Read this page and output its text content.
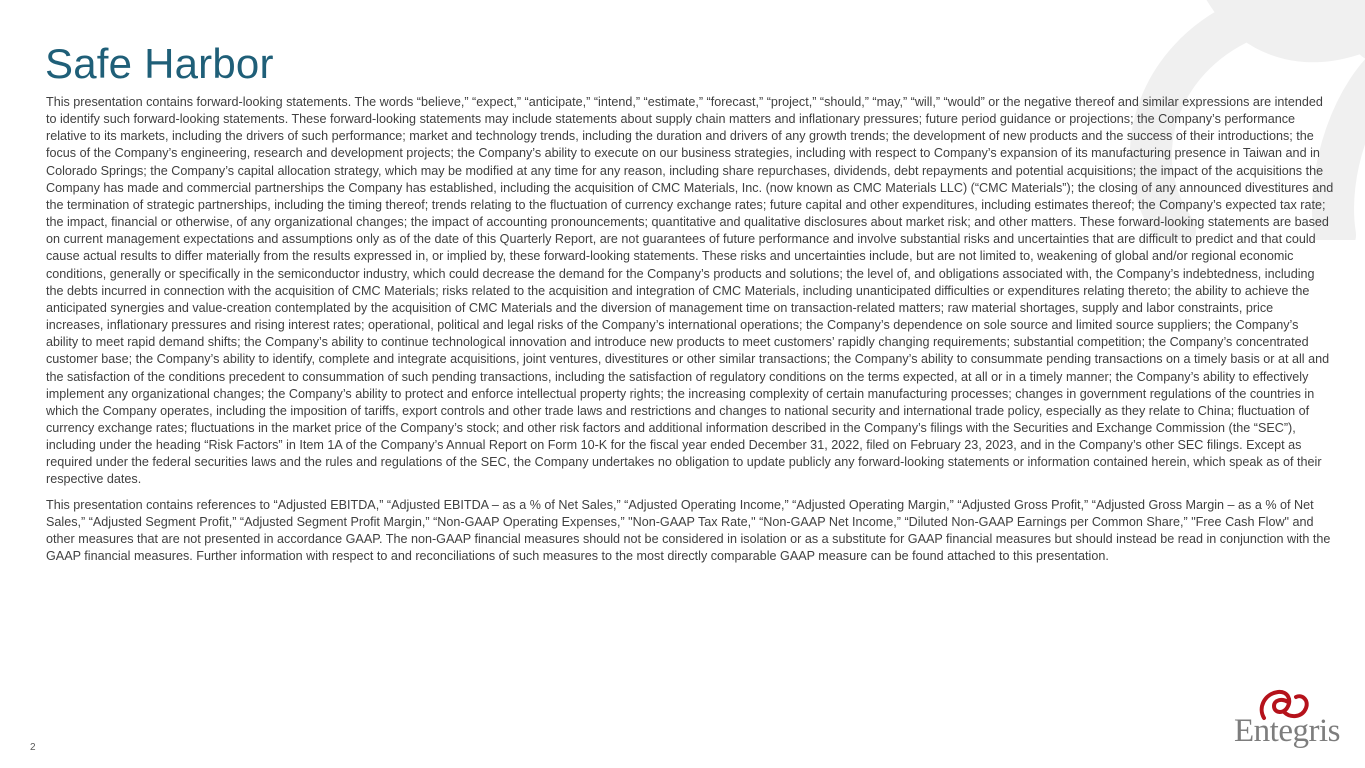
Safe Harbor

This presentation contains forward-looking statements. The words “believe,” “expect,” “anticipate,” “intend,” “estimate,” “forecast,” “project,” “should,” “may,” “will,” “would” or the negative thereof and similar expressions are intended to identify such forward-looking statements. These forward-looking statements may include statements about supply chain matters and inflationary pressures; future period guidance or projections; the Company’s performance relative to its markets, including the drivers of such performance; market and technology trends, including the duration and drivers of any growth trends; the development of new products and the success of their introductions; the focus of the Company’s engineering, research and development projects; the Company’s ability to execute on our business strategies, including with respect to Company’s expansion of its manufacturing presence in Taiwan and in Colorado Springs; the Company’s capital allocation strategy, which may be modified at any time for any reason, including share repurchases, dividends, debt repayments and potential acquisitions; the impact of the acquisitions the Company has made and commercial partnerships the Company has established, including the acquisition of CMC Materials, Inc. (now known as CMC Materials LLC) (“CMC Materials”); the closing of any announced divestitures and the termination of strategic partnerships, including the timing thereof; trends relating to the fluctuation of currency exchange rates; future capital and other expenditures, including estimates thereof; the Company’s expected tax rate; the impact, financial or otherwise, of any organizational changes; the impact of accounting pronouncements; quantitative and qualitative disclosures about market risk; and other matters. These forward-looking statements are based on current management expectations and assumptions only as of the date of this Quarterly Report, are not guarantees of future performance and involve substantial risks and uncertainties that are difficult to predict and that could cause actual results to differ materially from the results expressed in, or implied by, these forward-looking statements. These risks and uncertainties include, but are not limited to, weakening of global and/or regional economic conditions, generally or specifically in the semiconductor industry, which could decrease the demand for the Company’s products and solutions; the level of, and obligations associated with, the Company’s indebtedness, including the debts incurred in connection with the acquisition of CMC Materials; risks related to the acquisition and integration of CMC Materials, including unanticipated difficulties or expenditures relating thereto; the ability to achieve the anticipated synergies and value-creation contemplated by the acquisition of CMC Materials and the diversion of management time on transaction-related matters; raw material shortages, supply and labor constraints, price increases, inflationary pressures and rising interest rates; operational, political and legal risks of the Company’s international operations; the Company’s dependence on sole source and limited source suppliers; the Company’s ability to meet rapid demand shifts; the Company’s ability to continue technological innovation and introduce new products to meet customers’ rapidly changing requirements; substantial competition; the Company’s concentrated customer base; the Company’s ability to identify, complete and integrate acquisitions, joint ventures, divestitures or other similar transactions; the Company’s ability to consummate pending transactions on a timely basis or at all and the satisfaction of the conditions precedent to consummation of such pending transactions, including the satisfaction of regulatory conditions on the terms expected, at all or in a timely manner; the Company’s ability to effectively implement any organizational changes; the Company’s ability to protect and enforce intellectual property rights; the increasing complexity of certain manufacturing processes; changes in government regulations of the countries in which the Company operates, including the imposition of tariffs, export controls and other trade laws and restrictions and changes to national security and international trade policy, especially as they relate to China; fluctuation of currency exchange rates; fluctuations in the market price of the Company’s stock; and other risk factors and additional information described in the Company’s filings with the Securities and Exchange Commission (the “SEC”), including under the heading “Risk Factors” in Item 1A of the Company’s Annual Report on Form 10-K for the fiscal year ended December 31, 2022, filed on February 23, 2023, and in the Company’s other SEC filings. Except as required under the federal securities laws and the rules and regulations of the SEC, the Company undertakes no obligation to update publicly any forward-looking statements or information contained herein, which speak as of their respective dates.

This presentation contains references to “Adjusted EBITDA,” “Adjusted EBITDA – as a % of Net Sales,” “Adjusted Operating Income,” “Adjusted Operating Margin,” “Adjusted Gross Profit,” “Adjusted Gross Margin – as a % of Net Sales,” “Adjusted Segment Profit,” “Adjusted Segment Profit Margin,” “Non-GAAP Operating Expenses,” "Non-GAAP Tax Rate," “Non-GAAP Net Income,” “Diluted Non-GAAP Earnings per Common Share,” "Free Cash Flow" and other measures that are not presented in accordance GAAP. The non-GAAP financial measures should not be considered in isolation or as a substitute for GAAP financial measures but should instead be read in conjunction with the GAAP financial measures. Further information with respect to and reconciliations of such measures to the most directly comparable GAAP measure can be found attached to this presentation.

2	Entegris
